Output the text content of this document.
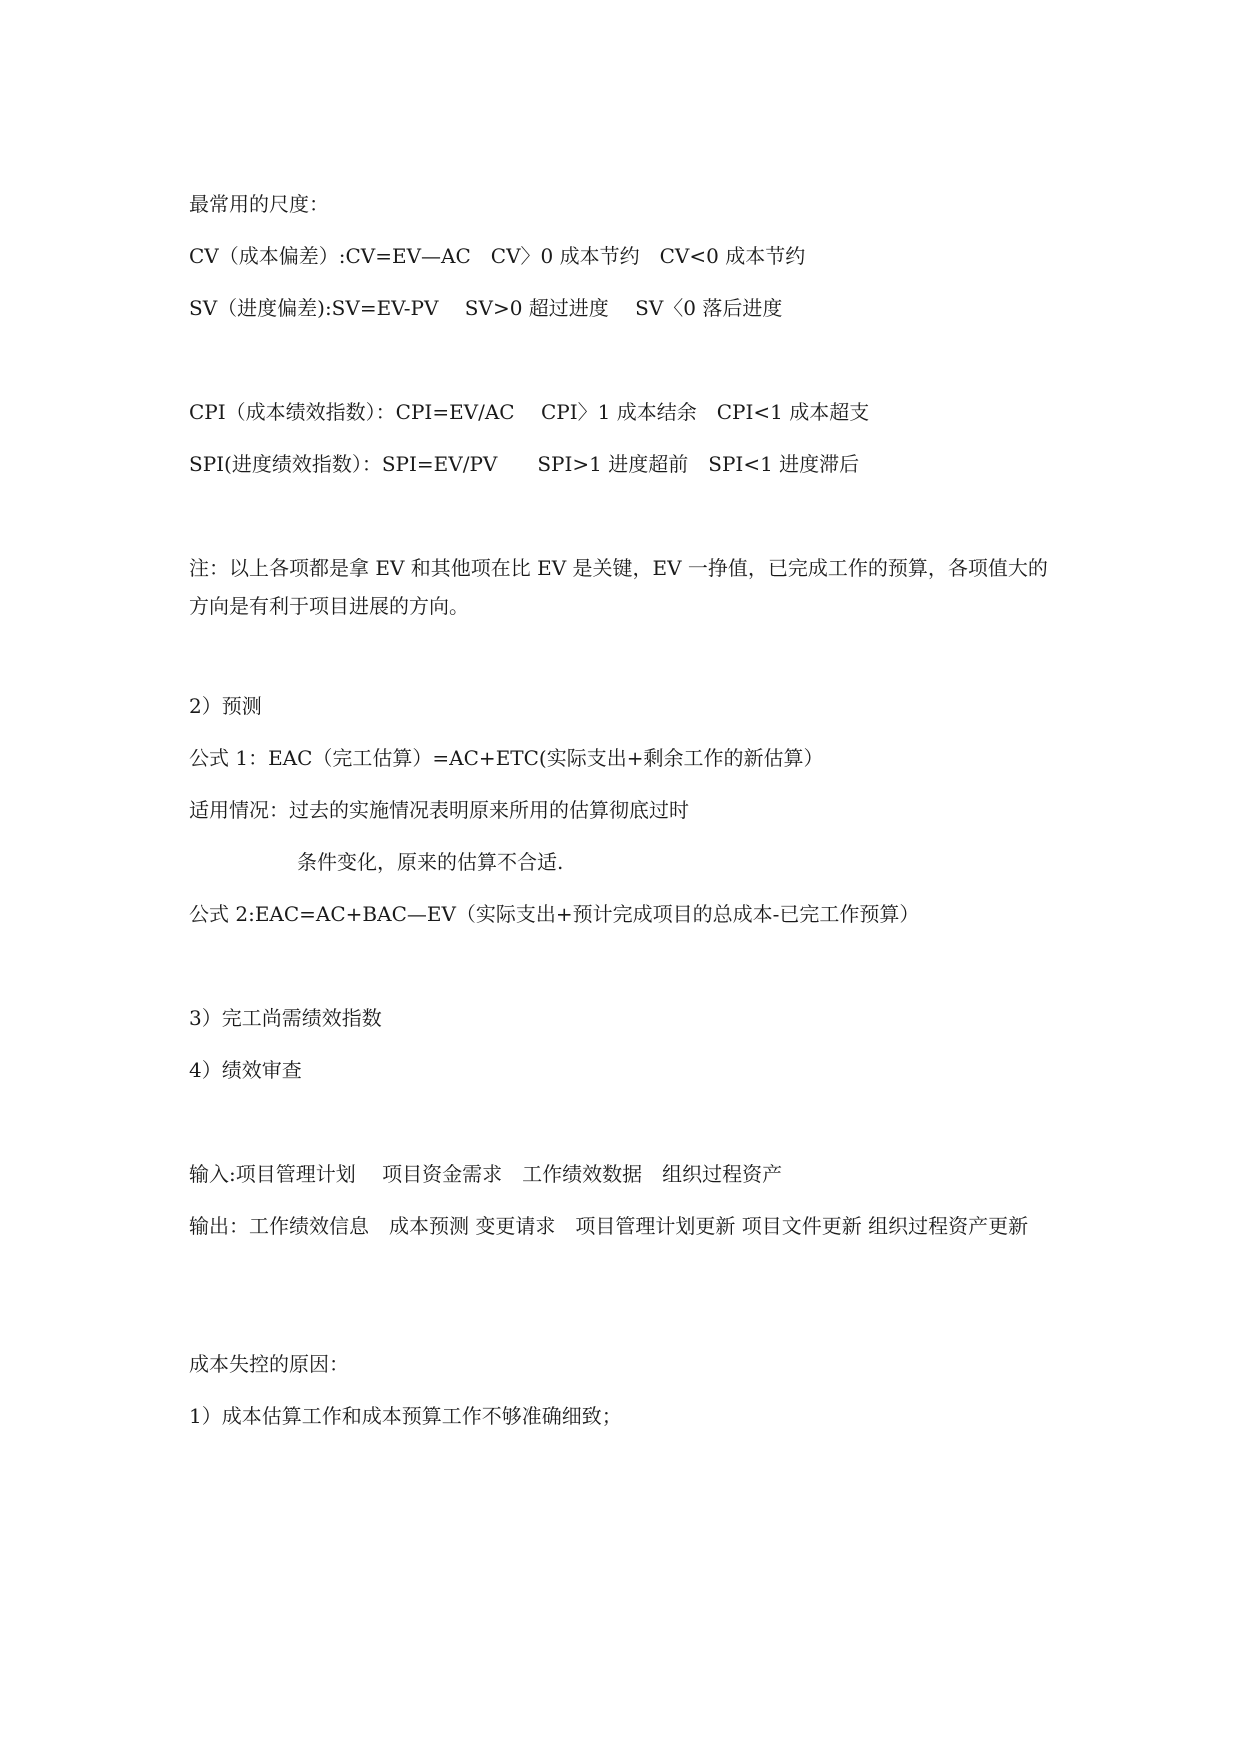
最常用的尺度：
CV（成本偏差）:CV=EV—AC　CV〉0 成本节约　CV<0 成本节约
SV（进度偏差):SV=EV-PV　 SV>0 超过进度　 SV〈0 落后进度
CPI（成本绩效指数）：CPI=EV/AC　 CPI〉1 成本结余　CPI<1 成本超支
SPI(进度绩效指数）：SPI=EV/PV　　SPI>1 进度超前　SPI<1 进度滞后
注：以上各项都是拿 EV 和其他项在比 EV 是关键，EV 一挣值，已完成工作的预算，各项值大的方向是有利于项目进展的方向。
2）预测
公式 1：EAC（完工估算）=AC+ETC(实际支出+剩余工作的新估算）
适用情况：过去的实施情况表明原来所用的估算彻底过时
条件变化，原来的估算不合适.
公式 2:EAC=AC+BAC—EV（实际支出+预计完成项目的总成本-已完工作预算）
3）完工尚需绩效指数
4）绩效审查
输入:项目管理计划　 项目资金需求　工作绩效数据　组织过程资产
输出：工作绩效信息　成本预测 变更请求　项目管理计划更新 项目文件更新 组织过程资产更新
成本失控的原因：
1）成本估算工作和成本预算工作不够准确细致；
